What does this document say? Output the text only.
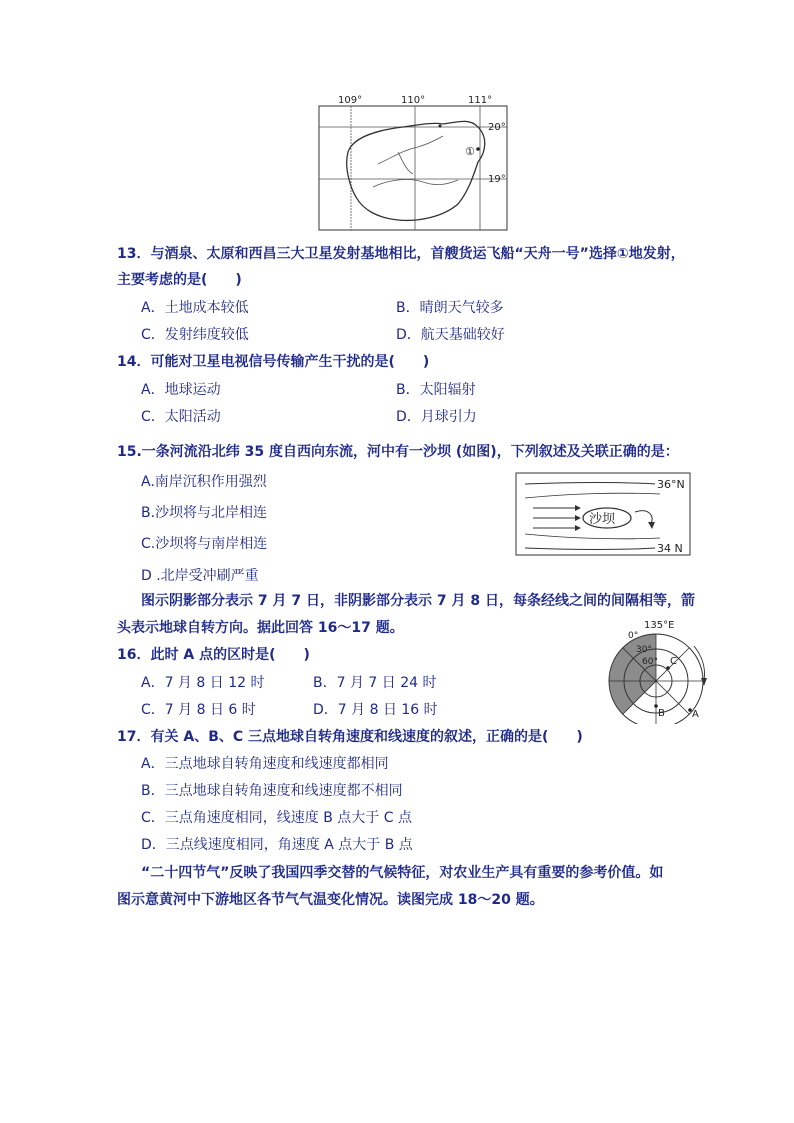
109°	110°	111°
20°
19°
①
13．与酒泉、太原和西昌三大卫星发射基地相比，首艘货运飞船“天舟一号”选择①地发射，
主要考虑的是(　　)
A．土地成本较低	B．晴朗天气较多
C．发射纬度较低	D．航天基础较好
14．可能对卫星电视信号传输产生干扰的是(　　)
A．地球运动	B．太阳辐射
C．太阳活动	D．月球引力
15.一条河流沿北纬 35 度自西向东流，河中有一沙坝 (如图)，下列叙述及关联正确的是：
A.南岸沉积作用强烈
B.沙坝将与北岸相连
C.沙坝将与南岸相连
D .北岸受冲刷严重
沙坝
36°N
34 N
图示阴影部分表示 7 月 7 日，非阴影部分表示 7 月 8 日，每条经线之间的间隔相等，箭
头表示地球自转方向。据此回答 16～17 题。	135°E
0°
30°
60° C
B	A
16．此时 A 点的区时是(　　)
A．7 月 8 日 12 时	B．7 月 7 日 24 时
C．7 月 8 日 6 时	D．7 月 8 日 16 时
17．有关 A、B、C 三点地球自转角速度和线速度的叙述，正确的是(　　)
A．三点地球自转角速度和线速度都相同
B．三点地球自转角速度和线速度都不相同
C．三点角速度相同，线速度 B 点大于 C 点
D．三点线速度相同，角速度 A 点大于 B 点
“二十四节气”反映了我国四季交替的气候特征，对农业生产具有重要的参考价值。如
图示意黄河中下游地区各节气气温变化情况。读图完成 18～20 题。
